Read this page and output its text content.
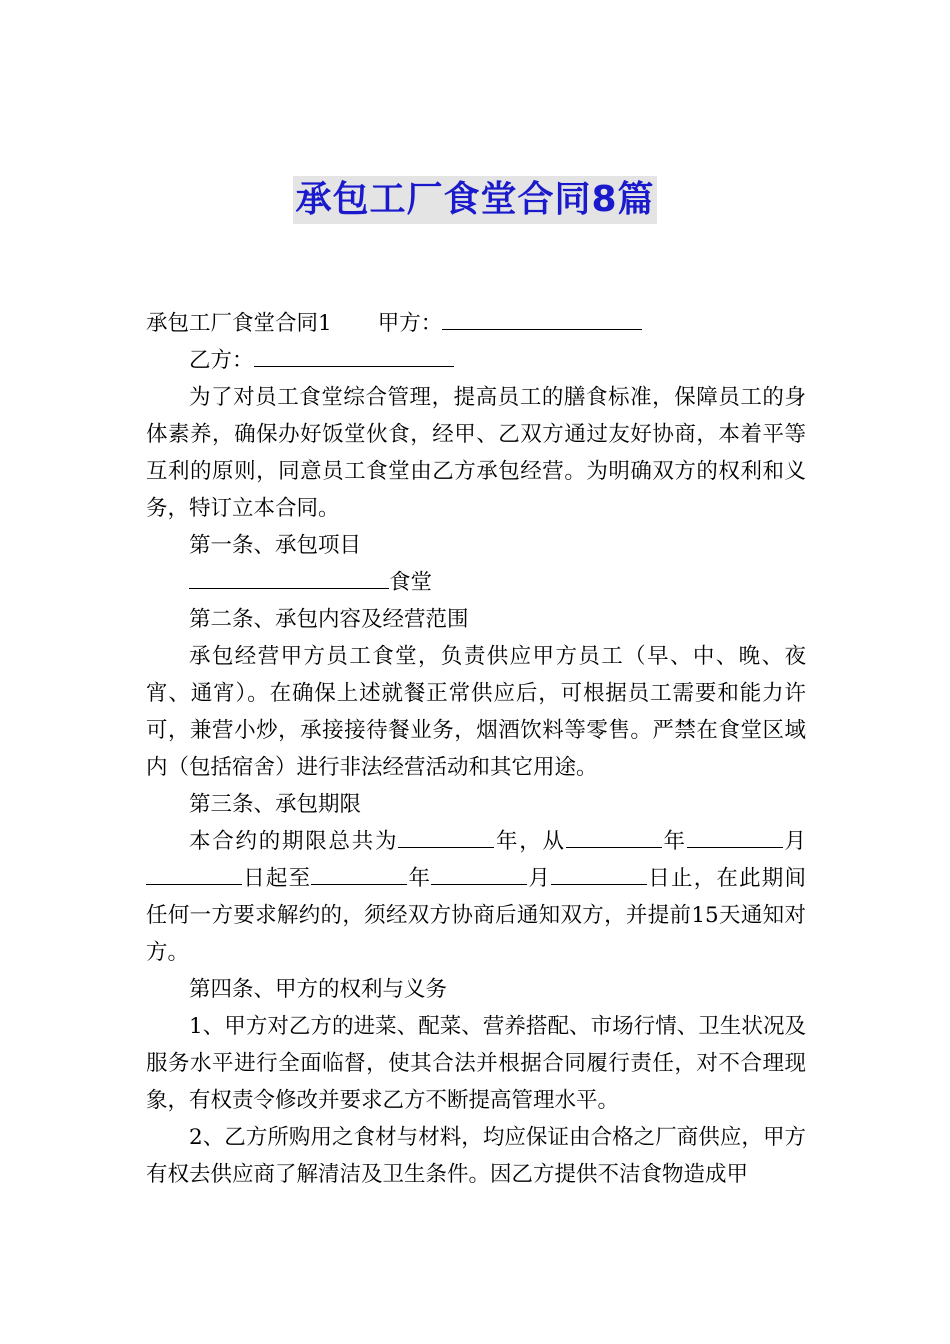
承包工厂食堂合同8篇

承包工厂食堂合同1 甲方：

乙方：

为了对员工食堂综合管理，提高员工的膳食标准，保障员工的身体素养，确保办好饭堂伙食，经甲、乙双方通过友好协商，本着平等互利的原则，同意员工食堂由乙方承包经营。为明确双方的权利和义务，特订立本合同。

第一条、承包项目

食堂

第二条、承包内容及经营范围

承包经营甲方员工食堂，负责供应甲方员工（早、中、晚、夜宵、通宵）。在确保上述就餐正常供应后，可根据员工需要和能力许可，兼营小炒，承接接待餐业务，烟酒饮料等零售。严禁在食堂区域内（包括宿舍）进行非法经营活动和其它用途。

第三条、承包期限

本合约的期限总共为	年，从	年	月日起至	年	月	日止，在此期间任何一方要求解约的，须经双方协商后通知双方，并提前15天通知对方。

第四条、甲方的权利与义务

1、甲方对乙方的进菜、配菜、营养搭配、市场行情、卫生状况及服务水平进行全面临督，使其合法并根据合同履行责任，对不合理现象，有权责令修改并要求乙方不断提高管理水平。

2、乙方所购用之食材与材料，均应保证由合格之厂商供应，甲方有权去供应商了解清洁及卫生条件。因乙方提供不洁食物造成甲
